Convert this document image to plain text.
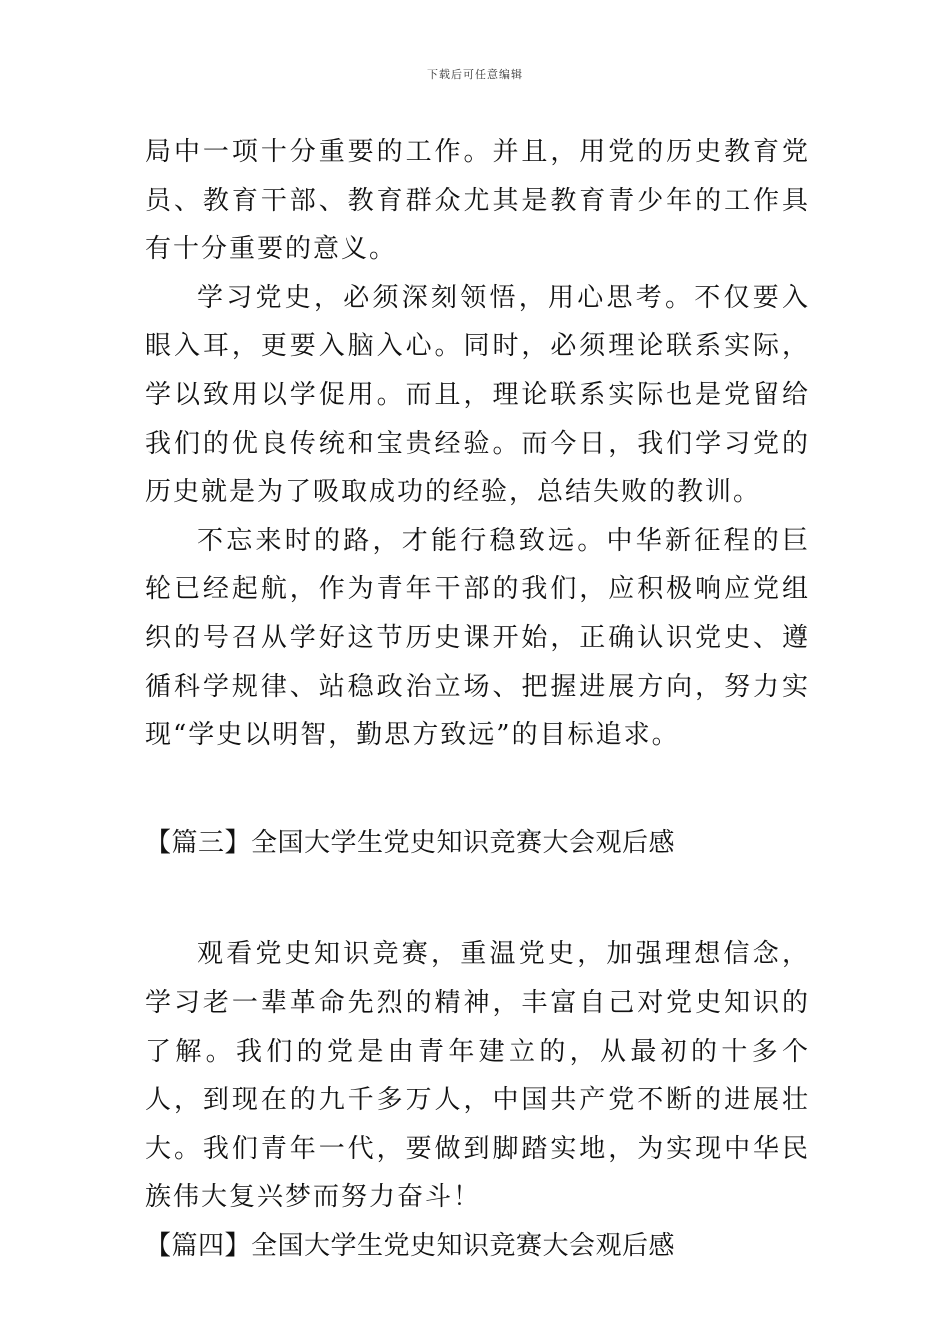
下载后可任意编辑

局中一项十分重要的工作。并且，用党的历史教育党员、教育干部、教育群众尤其是教育青少年的工作具有十分重要的意义。

学习党史，必须深刻领悟，用心思考。不仅要入眼入耳，更要入脑入心。同时，必须理论联系实际，学以致用以学促用。而且，理论联系实际也是党留给我们的优良传统和宝贵经验。而今日，我们学习党的历史就是为了吸取成功的经验，总结失败的教训。

不忘来时的路，才能行稳致远。中华新征程的巨轮已经起航，作为青年干部的我们，应积极响应党组织的号召从学好这节历史课开始，正确认识党史、遵循科学规律、站稳政治立场、把握进展方向，努力实现“学史以明智，勤思方致远”的目标追求。

【篇三】全国大学生党史知识竞赛大会观后感

观看党史知识竞赛，重温党史，加强理想信念，学习老一辈革命先烈的精神，丰富自己对党史知识的了解。我们的党是由青年建立的，从最初的十多个人，到现在的九千多万人，中国共产党不断的进展壮大。我们青年一代，要做到脚踏实地，为实现中华民族伟大复兴梦而努力奋斗！

【篇四】全国大学生党史知识竞赛大会观后感
